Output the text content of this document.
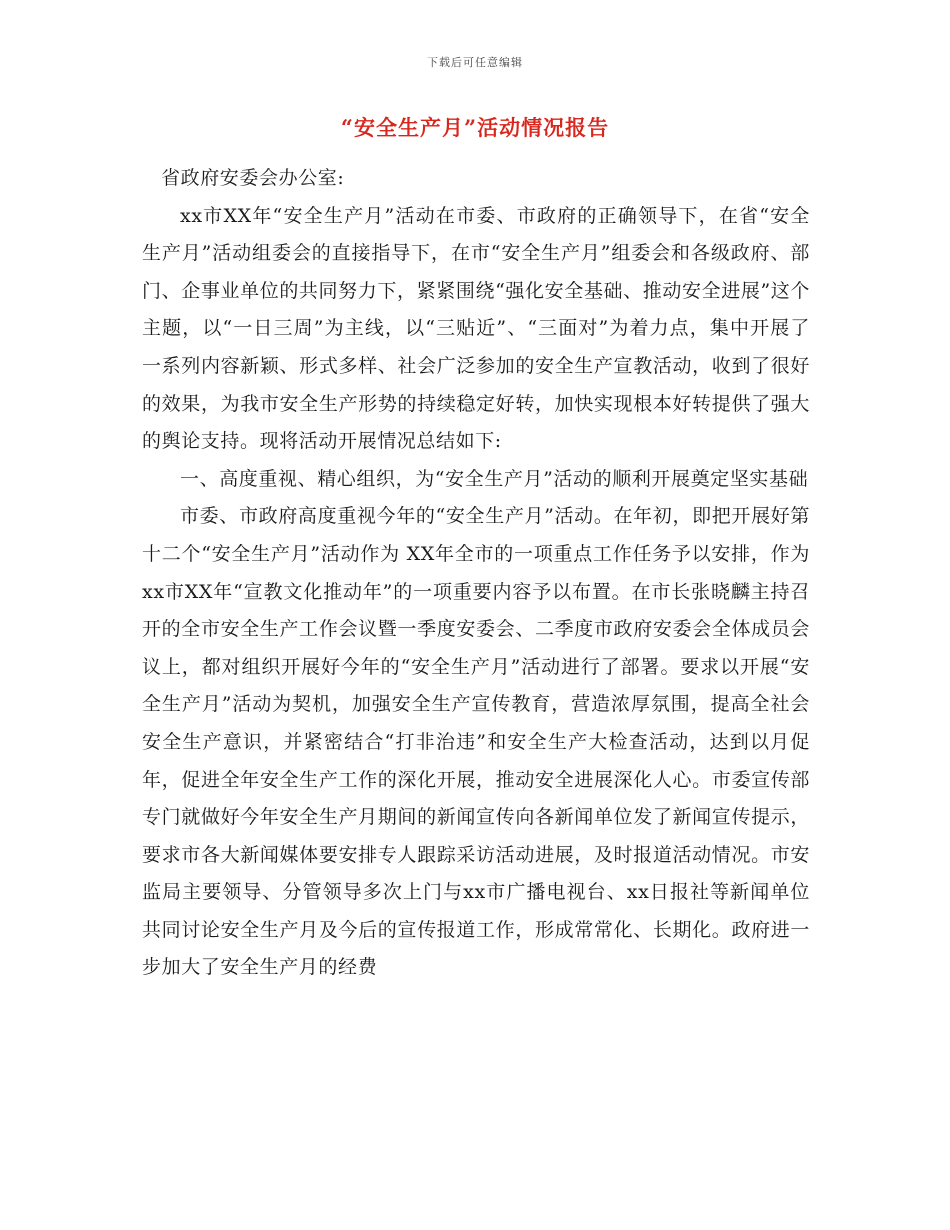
下载后可任意编辑
“安全生产月”活动情况报告

省政府安委会办公室:

xx市XX年“安全生产月”活动在市委、市政府的正确领导下，在省“安全生产月”活动组委会的直接指导下，在市“安全生产月”组委会和各级政府、部门、企事业单位的共同努力下，紧紧围绕“强化安全基础、推动安全进展”这个主题，以“一日三周”为主线，以“三贴近”、“三面对”为着力点，集中开展了一系列内容新颖、形式多样、社会广泛参加的安全生产宣教活动，收到了很好的效果，为我市安全生产形势的持续稳定好转，加快实现根本好转提供了强大的舆论支持。现将活动开展情况总结如下:

一、高度重视、精心组织，为“安全生产月”活动的顺利开展奠定坚实基础

市委、市政府高度重视今年的“安全生产月”活动。在年初，即把开展好第十二个“安全生产月”活动作为 XX年全市的一项重点工作任务予以安排，作为xx市XX年“宣教文化推动年”的一项重要内容予以布置。在市长张晓麟主持召开的全市安全生产工作会议暨一季度安委会、二季度市政府安委会全体成员会议上，都对组织开展好今年的“安全生产月”活动进行了部署。要求以开展“安全生产月”活动为契机，加强安全生产宣传教育，营造浓厚氛围，提高全社会安全生产意识，并紧密结合“打非治违”和安全生产大检查活动，达到以月促年，促进全年安全生产工作的深化开展，推动安全进展深化人心。市委宣传部专门就做好今年安全生产月期间的新闻宣传向各新闻单位发了新闻宣传提示，要求市各大新闻媒体要安排专人跟踪采访活动进展，及时报道活动情况。市安监局主要领导、分管领导多次上门与xx市广播电视台、xx日报社等新闻单位共同讨论安全生产月及今后的宣传报道工作，形成常常化、长期化。政府进一步加大了安全生产月的经费
